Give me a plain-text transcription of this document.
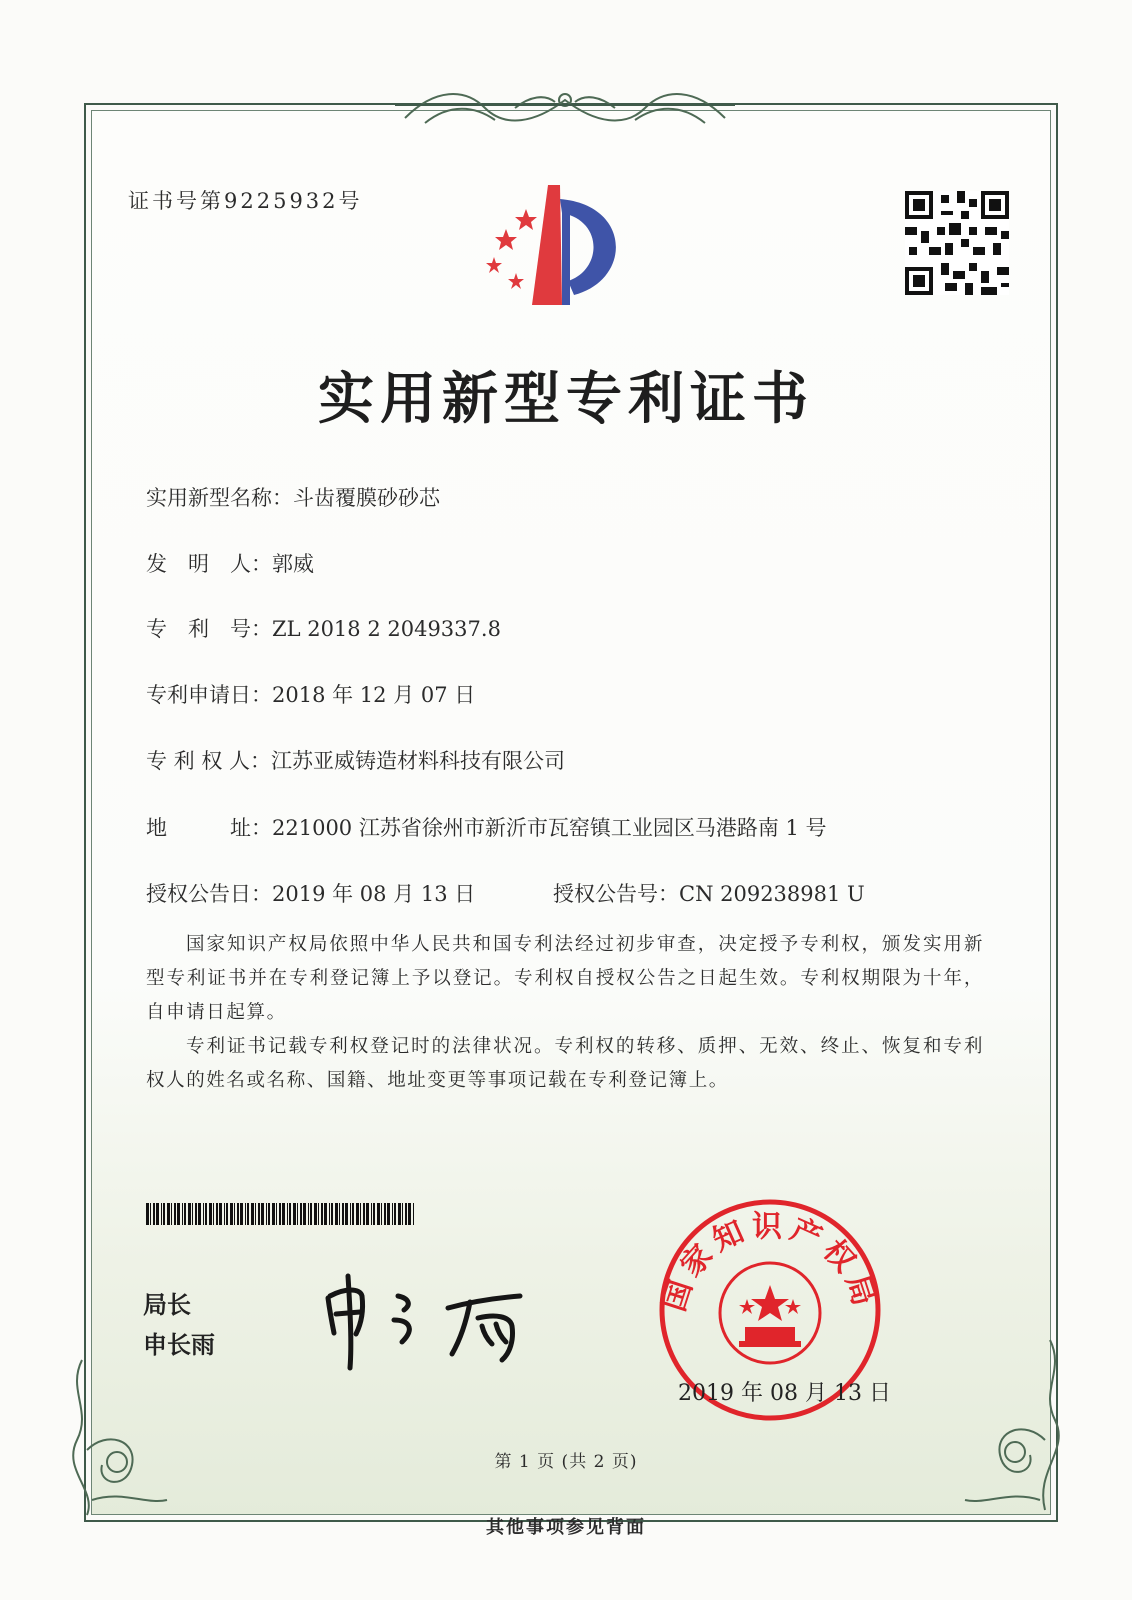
证书号第9225932号
实用新型专利证书
实用新型名称：斗齿覆膜砂砂芯
发　明　人：郭威
专　利　号：ZL 2018 2 2049337.8
专利申请日：2018 年 12 月 07 日
专 利 权 人：江苏亚威铸造材料科技有限公司
地　　　址：221000 江苏省徐州市新沂市瓦窑镇工业园区马港路南 1 号
授权公告日：2019 年 08 月 13 日	授权公告号：CN 209238981 U

国家知识产权局依照中华人民共和国专利法经过初步审查，决定授予专利权，颁发实用新型专利证书并在专利登记簿上予以登记。专利权自授权公告之日起生效。专利权期限为十年，自申请日起算。

专利证书记载专利权登记时的法律状况。专利权的转移、质押、无效、终止、恢复和专利权人的姓名或名称、国籍、地址变更等事项记载在专利登记簿上。

局长
申长雨
国家知识产权局
2019 年 08 月 13 日
第 1 页 (共 2 页)
其他事项参见背面
